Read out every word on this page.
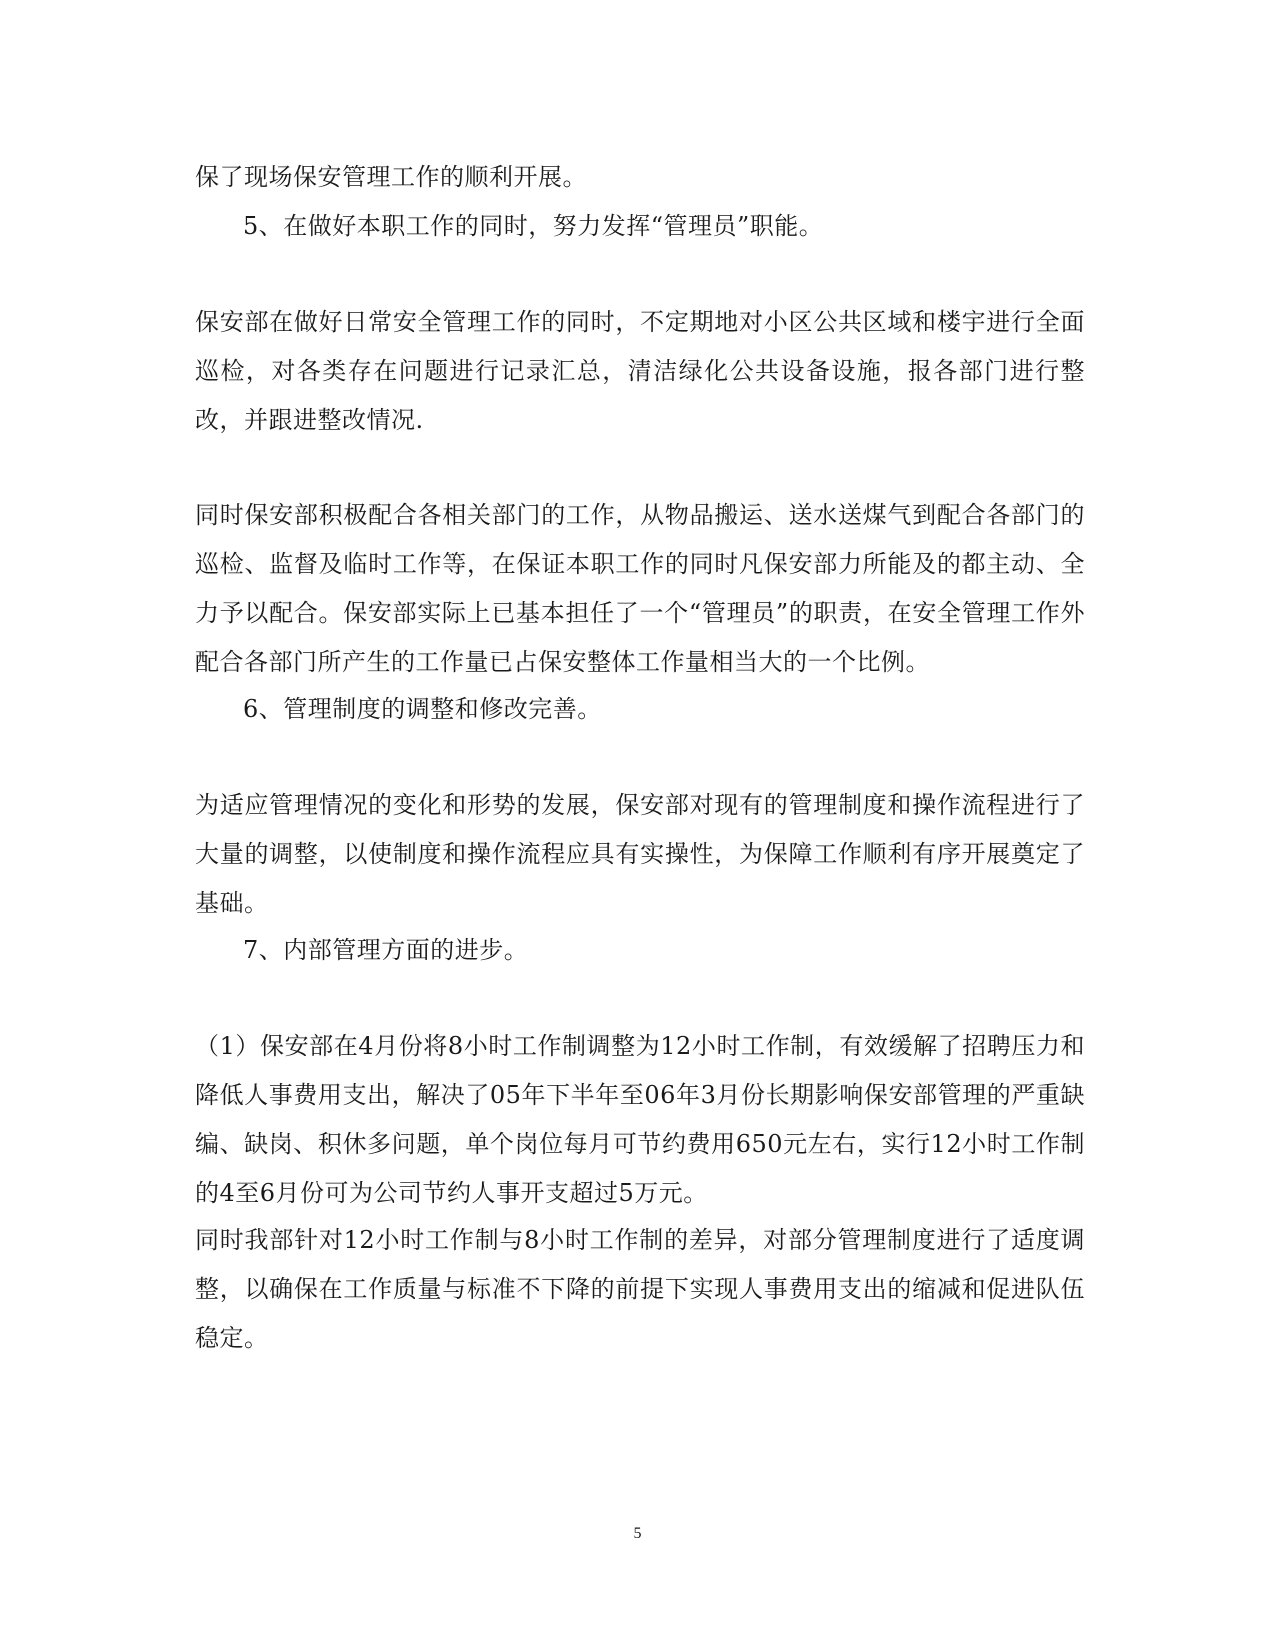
保了现场保安管理工作的顺利开展。

5、在做好本职工作的同时，努力发挥“管理员”职能。

保安部在做好日常安全管理工作的同时，不定期地对小区公共区域和楼宇进行全面巡检，对各类存在问题进行记录汇总，清洁绿化公共设备设施，报各部门进行整改，并跟进整改情况.

同时保安部积极配合各相关部门的工作，从物品搬运、送水送煤气到配合各部门的巡检、监督及临时工作等，在保证本职工作的同时凡保安部力所能及的都主动、全力予以配合。保安部实际上已基本担任了一个“管理员”的职责，在安全管理工作外配合各部门所产生的工作量已占保安整体工作量相当大的一个比例。

6、管理制度的调整和修改完善。

为适应管理情况的变化和形势的发展，保安部对现有的管理制度和操作流程进行了大量的调整，以使制度和操作流程应具有实操性，为保障工作顺利有序开展奠定了基础。

7、内部管理方面的进步。

（1）保安部在4月份将8小时工作制调整为12小时工作制，有效缓解了招聘压力和降低人事费用支出，解决了05年下半年至06年3月份长期影响保安部管理的严重缺编、缺岗、积休多问题，单个岗位每月可节约费用650元左右，实行12小时工作制的4至6月份可为公司节约人事开支超过5万元。

同时我部针对12小时工作制与8小时工作制的差异，对部分管理制度进行了适度调整，以确保在工作质量与标准不下降的前提下实现人事费用支出的缩减和促进队伍稳定。

5
